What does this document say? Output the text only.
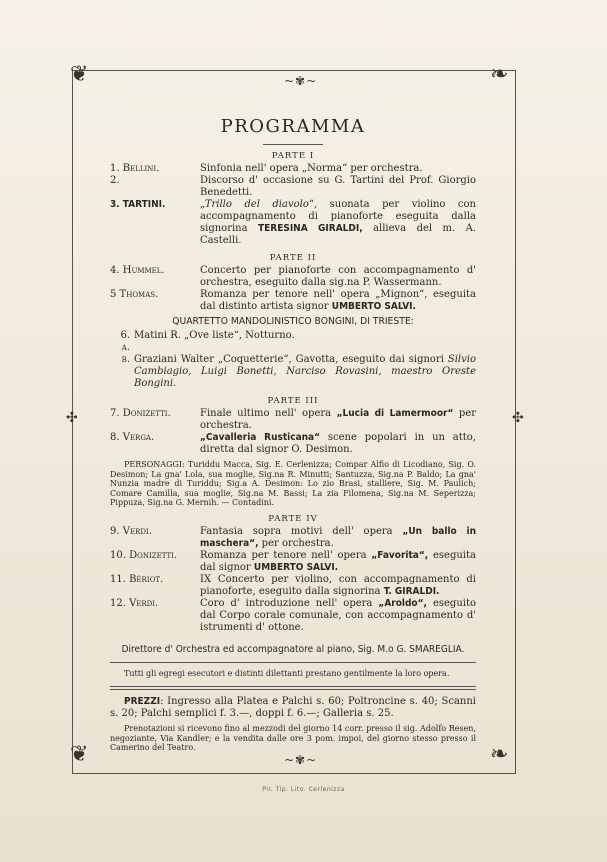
❦	❧
❦	❧
~✾~
~✾~
✣	✣
PROGRAMMA
PARTE I
1. Bellini.	Sinfonia nell' opera „Norma“ per orchestra.
2.	Discorso d' occasione su G. Tartini del Prof. Giorgio Benedetti.
3. TARTINI.	„Trillo del diavolo“, suonata per violino con accompagnamento di pianoforte eseguita dalla signorina TERESINA GIRALDI, allieva del m. A. Castelli.
PARTE II
4. Hummel.	Concerto per pianoforte con accompagnamento d' orchestra, eseguito dalla sig.na P. Wassermann.
5 Thomas.	Romanza per tenore nell' opera „Mignon“, eseguita dal distinto artista signor UMBERTO SALVI.
QUARTETTO MANDOLINISTICO BONGINI, DI TRIESTE:
6. a.
Matini R. „Ove liste“, Notturno.
b. Graziani Walter „Coquetterie“, Gavotta, eseguito dai signori Silvio Cambiagio, Luigi Bonetti, Narciso Rovasini, maestro Oreste Bongini.
PARTE III
7. Donizetti.	Finale ultimo nell' opera „Lucia di Lamermoor“ per orchestra.
8. Verga.	„Cavalleria Rusticana“ scene popolari in un atto, diretta dal signor O. Desimon.
PERSONAGGI: Turiddu Macca, Sig. E. Cerlenizza; Compar Alfio di Licodiano, Sig. O. Desimon; La gna' Lola, sua moglie, Sig.na R. Minutti; Santuzza, Sig.na P. Baldo; La gna' Nunzia madre di Turiddu; Sig.a A. Desimon: Lo zio Brasi, stalliere, Sig. M. Paulich; Comare Camilla, sua moglie, Sig.na M. Bassi; La zia Filomena, Sig.na M. Seperizza; Pippuza, Sig.na G. Mernih. — Contadini.
PARTE IV
9. Verdi.	Fantasia sopra motivi dell' opera „Un ballo in maschera“, per orchestra.
10. Donizetti.	Romanza per tenore nell' opera „Favorita“, eseguita dal signor UMBERTO SALVI.
11. Bériot.	IX Concerto per violino, con accompagnamento di pianoforte, eseguito dalla signorina T. GIRALDI.
12. Verdi.	Coro d' introduzione nell' opera „Aroldo“, eseguito dal Corpo corale comunale, con accompagnamento d' istrumenti d' ottone.
Direttore d' Orchestra ed accompagnatore al piano, Sig. M.o G. SMAREGLIA.
Tutti gli egregi esecutori e distinti dilettanti prestano gentilmente la loro opera.
PREZZI: Ingresso alla Platea e Palchi s. 60; Poltroncine s. 40; Scanni s. 20; Palchi semplici f. 3.—, doppi f. 6.—; Galleria s. 25.
Prenotazioni si ricevono fino al mezzodi del giorno 14 corr. presso il sig. Adolfo Resen, negoziante, Via Kandler; e la vendita dalle ore 3 pom. impoi, del giorno stesso presso il Camerino del Teatro.
Pir. Tip. Lito. Cerlenizza
